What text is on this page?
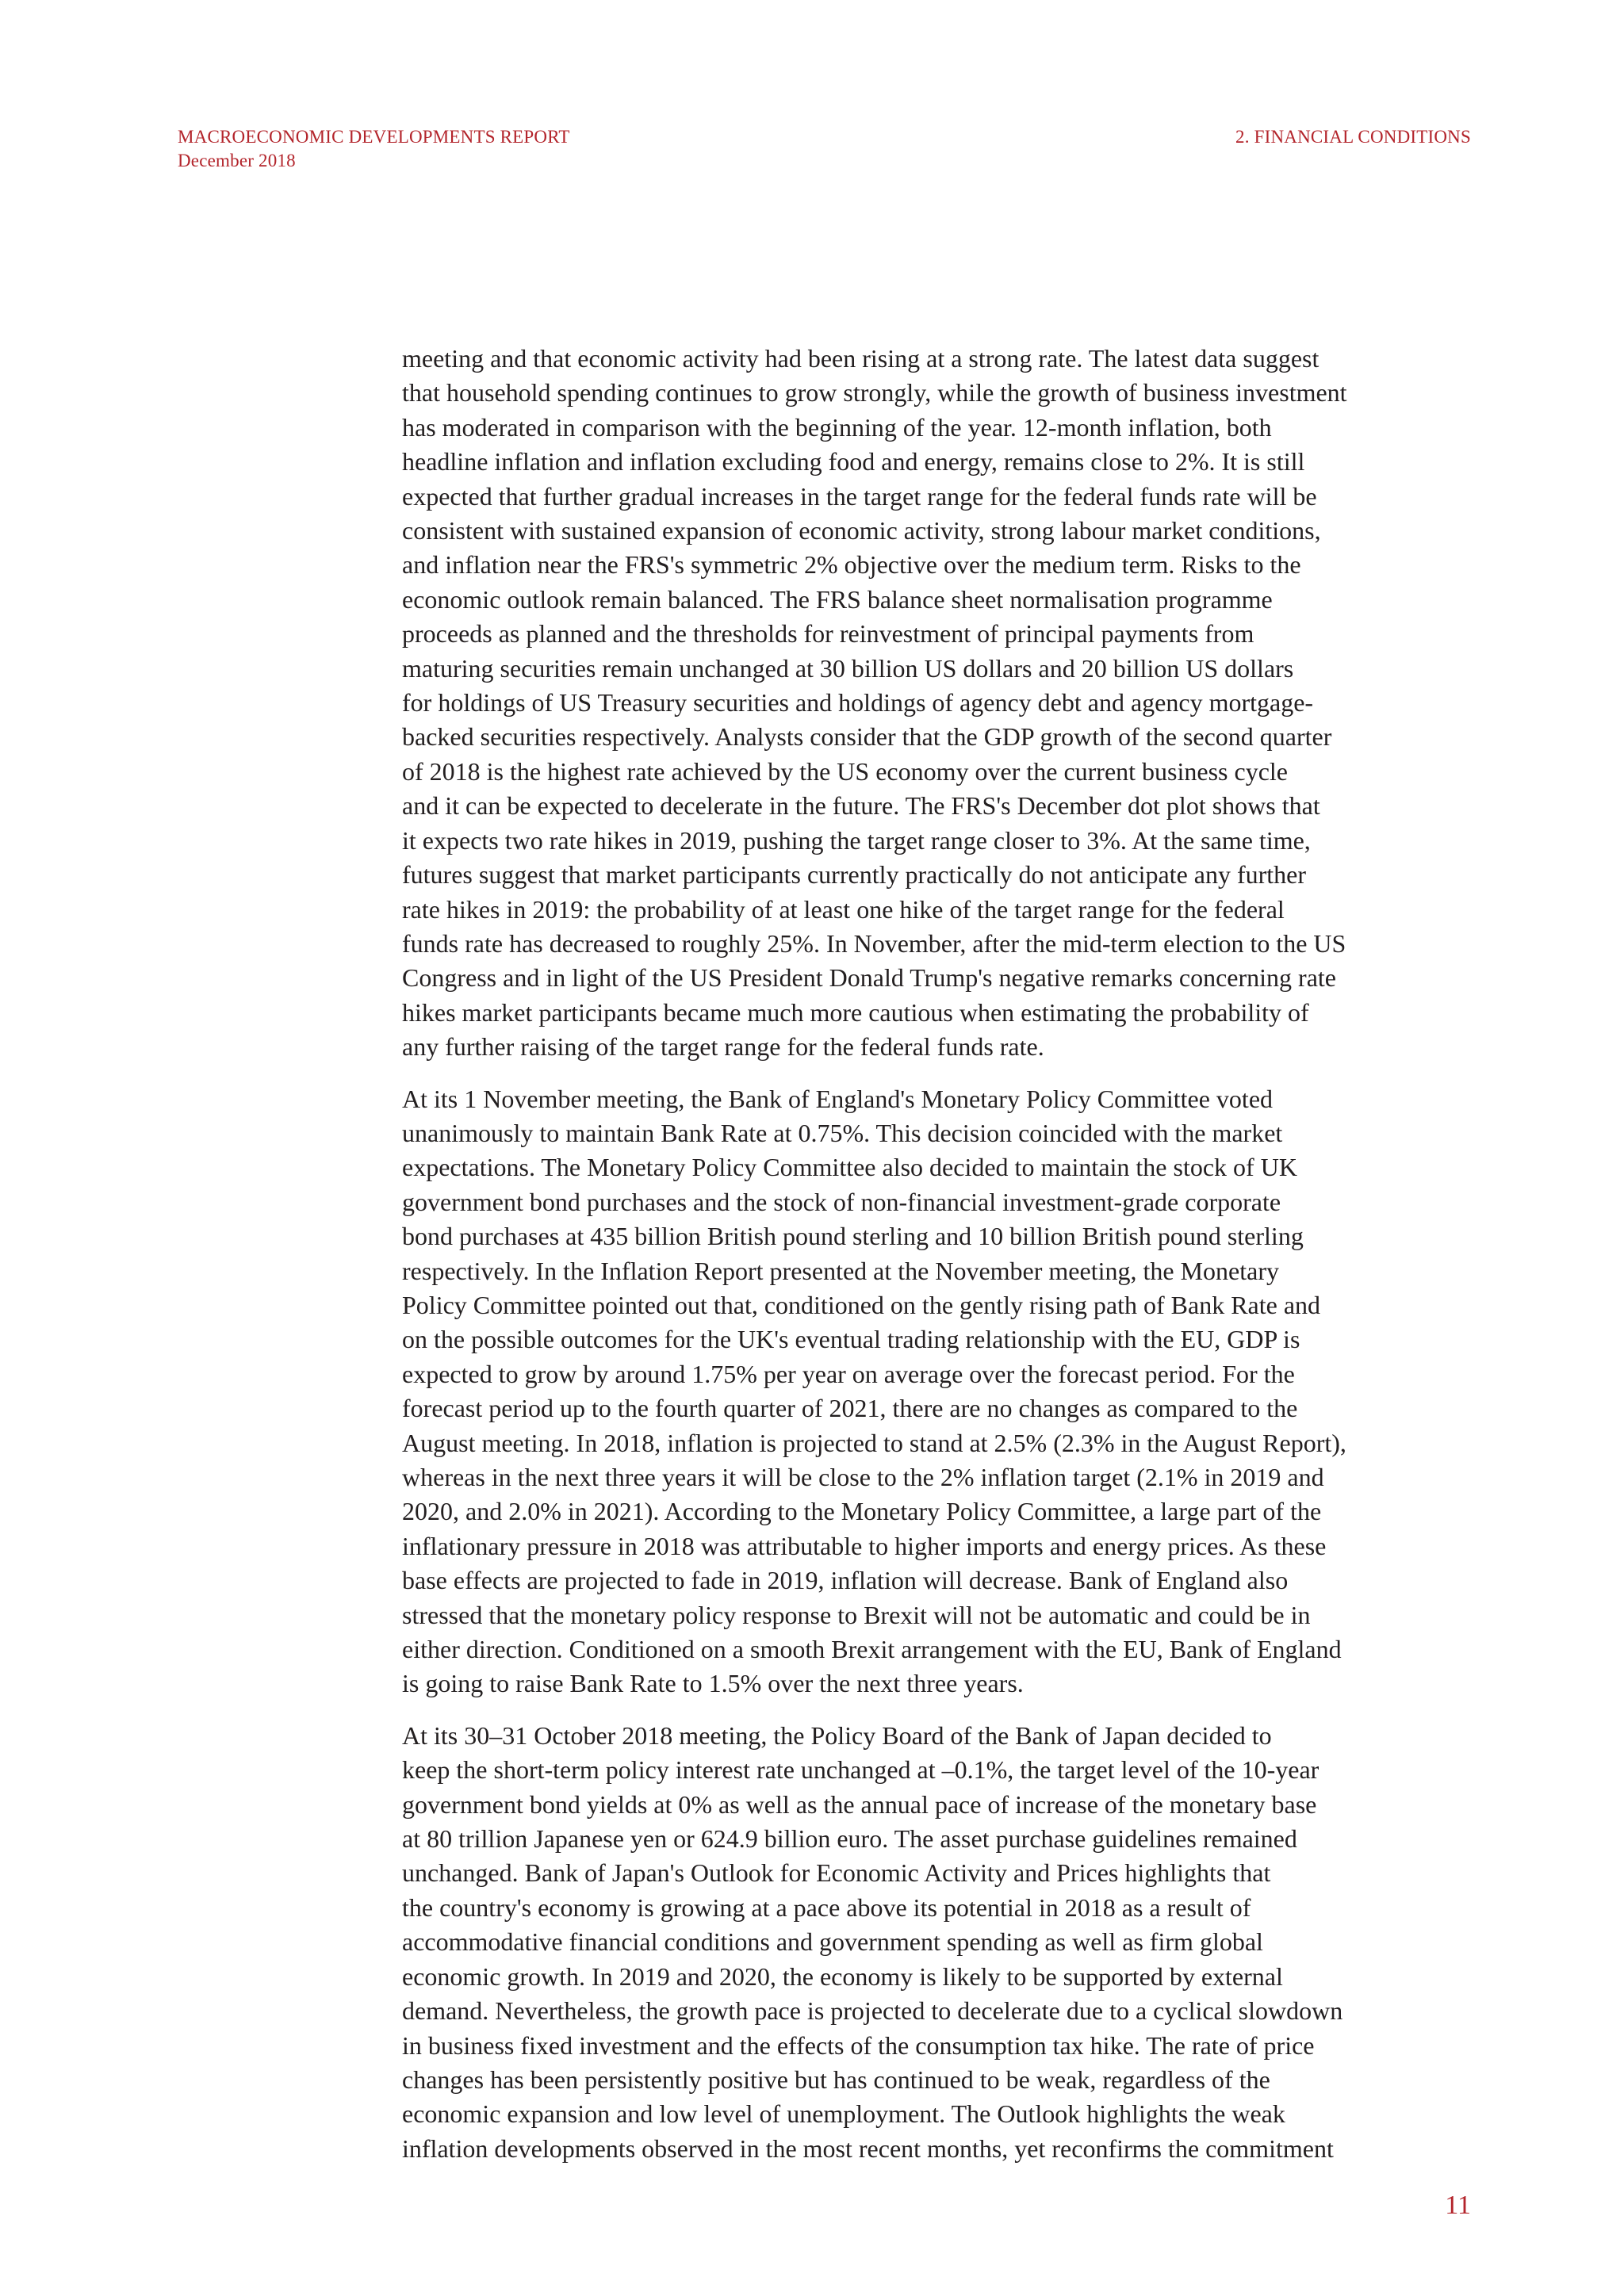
MACROECONOMIC DEVELOPMENTS REPORT
December 2018
2. FINANCIAL CONDITIONS

meeting and that economic activity had been rising at a strong rate. The latest data suggest
that household spending continues to grow strongly, while the growth of business investment
has moderated in comparison with the beginning of the year. 12-month inflation, both
headline inflation and inflation excluding food and energy, remains close to 2%. It is still
expected that further gradual increases in the target range for the federal funds rate will be
consistent with sustained expansion of economic activity, strong labour market conditions,
and inflation near the FRS's symmetric 2% objective over the medium term. Risks to the
economic outlook remain balanced. The FRS balance sheet normalisation programme
proceeds as planned and the thresholds for reinvestment of principal payments from
maturing securities remain unchanged at 30 billion US dollars and 20 billion US dollars
for holdings of US Treasury securities and holdings of agency debt and agency mortgage-
backed securities respectively. Analysts consider that the GDP growth of the second quarter
of 2018 is the highest rate achieved by the US economy over the current business cycle
and it can be expected to decelerate in the future. The FRS's December dot plot shows that
it expects two rate hikes in 2019, pushing the target range closer to 3%. At the same time,
futures suggest that market participants currently practically do not anticipate any further
rate hikes in 2019: the probability of at least one hike of the target range for the federal
funds rate has decreased to roughly 25%. In November, after the mid-term election to the US
Congress and in light of the US President Donald Trump's negative remarks concerning rate
hikes market participants became much more cautious when estimating the probability of
any further raising of the target range for the federal funds rate.

At its 1 November meeting, the Bank of England's Monetary Policy Committee voted
unanimously to maintain Bank Rate at 0.75%. This decision coincided with the market
expectations. The Monetary Policy Committee also decided to maintain the stock of UK
government bond purchases and the stock of non-financial investment-grade corporate
bond purchases at 435 billion British pound sterling and 10 billion British pound sterling
respectively. In the Inflation Report presented at the November meeting, the Monetary
Policy Committee pointed out that, conditioned on the gently rising path of Bank Rate and
on the possible outcomes for the UK's eventual trading relationship with the EU, GDP is
expected to grow by around 1.75% per year on average over the forecast period. For the
forecast period up to the fourth quarter of 2021, there are no changes as compared to the
August meeting. In 2018, inflation is projected to stand at 2.5% (2.3% in the August Report),
whereas in the next three years it will be close to the 2% inflation target (2.1% in 2019 and
2020, and 2.0% in 2021). According to the Monetary Policy Committee, a large part of the
inflationary pressure in 2018 was attributable to higher imports and energy prices. As these
base effects are projected to fade in 2019, inflation will decrease. Bank of England also
stressed that the monetary policy response to Brexit will not be automatic and could be in
either direction. Conditioned on a smooth Brexit arrangement with the EU, Bank of England
is going to raise Bank Rate to 1.5% over the next three years.

At its 30–31 October 2018 meeting, the Policy Board of the Bank of Japan decided to
keep the short-term policy interest rate unchanged at –0.1%, the target level of the 10-year
government bond yields at 0% as well as the annual pace of increase of the monetary base
at 80 trillion Japanese yen or 624.9 billion euro. The asset purchase guidelines remained
unchanged. Bank of Japan's Outlook for Economic Activity and Prices highlights that
the country's economy is growing at a pace above its potential in 2018 as a result of
accommodative financial conditions and government spending as well as firm global
economic growth. In 2019 and 2020, the economy is likely to be supported by external
demand. Nevertheless, the growth pace is projected to decelerate due to a cyclical slowdown
in business fixed investment and the effects of the consumption tax hike. The rate of price
changes has been persistently positive but has continued to be weak, regardless of the
economic expansion and low level of unemployment. The Outlook highlights the weak
inflation developments observed in the most recent months, yet reconfirms the commitment

11
